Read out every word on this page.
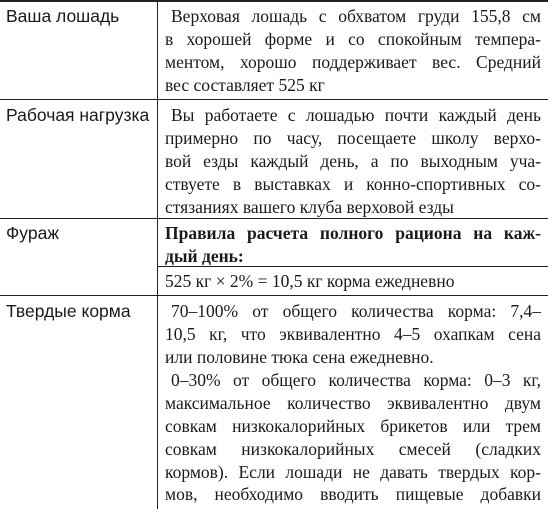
Ваша лошадь	Верховая лошадь с обхватом груди 155,8 см
в хорошей форме и со спокойным темпера-
ментом, хорошо поддерживает вес. Средний
вес составляет 525 кг
Рабочая нагрузка	Вы работаете с лошадью почти каждый день
примерно по часу, посещаете школу верхо-
вой езды каждый день, а по выходным уча-
ствуете в выставках и конно-спортивных со-
стязаниях вашего клуба верховой езды
Фураж	Правила расчета полного рациона на каж-
дый день:
525 кг × 2% = 10,5 кг корма ежедневно
Твердые корма	70–100% от общего количества корма: 7,4–
10,5 кг, что эквивалентно 4–5 охапкам сена
или половине тюка сена ежедневно.
0–30% от общего количества корма: 0–3 кг,
максимальное количество эквивалентно двум
совкам низкокалорийных брикетов или трем
совкам низкокалорийных смесей (сладких
кормов). Если лошади не давать твердых кор-
мов, необходимо вводить пищевые добавки
